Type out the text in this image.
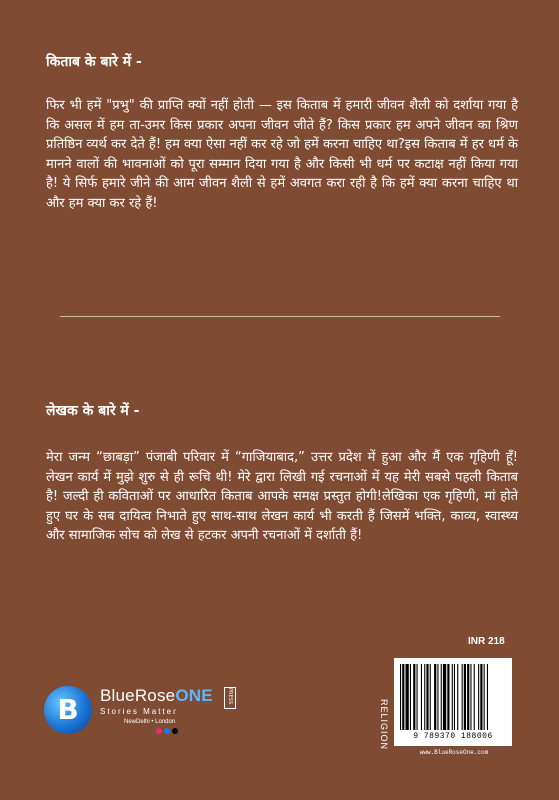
किताब के बारे में -

फिर भी हमें "प्रभु" की प्राप्ति क्यों नहीं होती — इस किताब में हमारी जीवन शैली को दर्शाया गया है कि असल में हम ता-उमर किस प्रकार अपना जीवन जीते हैं? किस प्रकार हम अपने जीवन का श्रिण प्रतिष्ठिन व्यर्थ कर देते हैं! हम क्या ऐसा नहीं कर रहे जो हमें करना चाहिए था?इस किताब में हर धर्म के मानने वालों की भावनाओं को पूरा सम्मान दिया गया है और किसी भी धर्म पर कटाक्ष नहीं किया गया है! ये सिर्फ हमारे जीने की आम जीवन शैली से हमें अवगत करा रही है कि हमें क्या करना चाहिए था और हम क्या कर रहे हैं!

लेखक के बारे में -

मेरा जन्म “छाबड़ा” पंजाबी परिवार में “गाजियाबाद,” उत्तर प्रदेश में हुआ और मैं एक गृहिणी हूँ! लेखन कार्य में मुझे शुरु से ही रूचि थी! मेरे द्वारा लिखी गई रचनाओं में यह मेरी सबसे पहली किताब है! जल्दी ही कविताओं पर आधारित किताब आपके समक्ष प्रस्तुत होगी!लेखिका एक गृहिणी, मां होते हुए घर के सब दायित्व निभाते हुए साथ-साथ लेखन कार्य भी करती हैं जिसमें भक्ति, काव्य, स्वास्थ्य और सामाजिक सोच को लेख से हटकर अपनी रचनाओं में दर्शाती हैं!

B	BlueRoseONE	PRESS
Stories Matter
NewDelhi • London
INR 218
RELIGION	9 789370 188006
www.BlueRoseOne.com
